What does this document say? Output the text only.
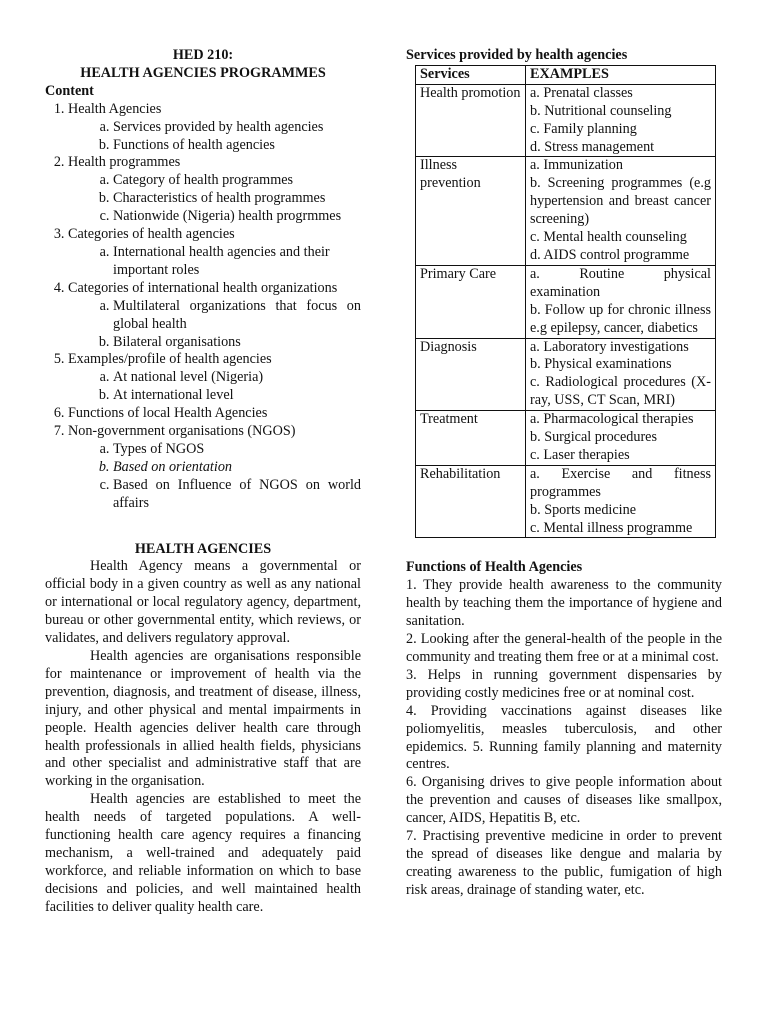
HED 210:
HEALTH AGENCIES PROGRAMMES
Content
1. Health Agencies
a. Services provided by health agencies
b. Functions of health agencies
2. Health programmes
a. Category of health programmes
b. Characteristics of health programmes
c. Nationwide (Nigeria) health progrmmes
3. Categories of health agencies
a. International health agencies and their important roles
4. Categories of international health organizations
a. Multilateral organizations that focus on global health
b. Bilateral organisations
5. Examples/profile of health agencies
a. At national level (Nigeria)
b. At international level
6. Functions of local Health Agencies
7. Non-government organisations (NGOS)
a. Types of NGOS
b. Based on orientation
c. Based on Influence of NGOS on world affairs
HEALTH AGENCIES

Health Agency means a governmental or official body in a given country as well as any national or international or local regulatory agency, department, bureau or other governmental entity, which reviews, or validates, and delivers regulatory approval.

Health agencies are organisations responsible for maintenance or improvement of health via the prevention, diagnosis, and treatment of disease, illness, injury, and other physical and mental impairments in people. Health agencies deliver health care through health professionals in allied health fields, physicians and other specialist and administrative staff that are working in the organisation.

Health agencies are established to meet the health needs of targeted populations. A well-functioning health care agency requires a financing mechanism, a well-trained and adequately paid workforce, and reliable information on which to base decisions and policies, and well maintained health facilities to deliver quality health care.

Services provided by health agencies
Services	EXAMPLES
Health promotion	a. Prenatal classes
b. Nutritional counseling
c. Family planning
d. Stress management

Illness prevention	a. Immunization
b. Screening programmes (e.g hypertension and breast cancer screening)
c. Mental health counseling
d. AIDS control programme

Primary Care	a. Routine physical examination
b. Follow up for chronic illness e.g epilepsy, cancer, diabetics

Diagnosis	a. Laboratory investigations
b. Physical examinations
c. Radiological procedures (X-ray, USS, CT Scan, MRI)

Treatment	a. Pharmacological therapies
b. Surgical procedures
c. Laser therapies

Rehabilitation	a. Exercise and fitness programmes
b. Sports medicine
c. Mental illness programme
Functions of Health Agencies

1. They provide health awareness to the community health by teaching them the importance of hygiene and sanitation.

2. Looking after the general-health of the people in the community and treating them free or at a minimal cost.

3. Helps in running government dispensaries by providing costly medicines free or at nominal cost.

4. Providing vaccinations against diseases like poliomyelitis, measles tuberculosis, and other epidemics. 5. Running family planning and maternity centres.

6. Organising drives to give people information about the prevention and causes of diseases like smallpox, cancer, AIDS, Hepatitis B, etc.

7. Practising preventive medicine in order to prevent the spread of diseases like dengue and malaria by creating awareness to the public, fumigation of high risk areas, drainage of standing water, etc.
